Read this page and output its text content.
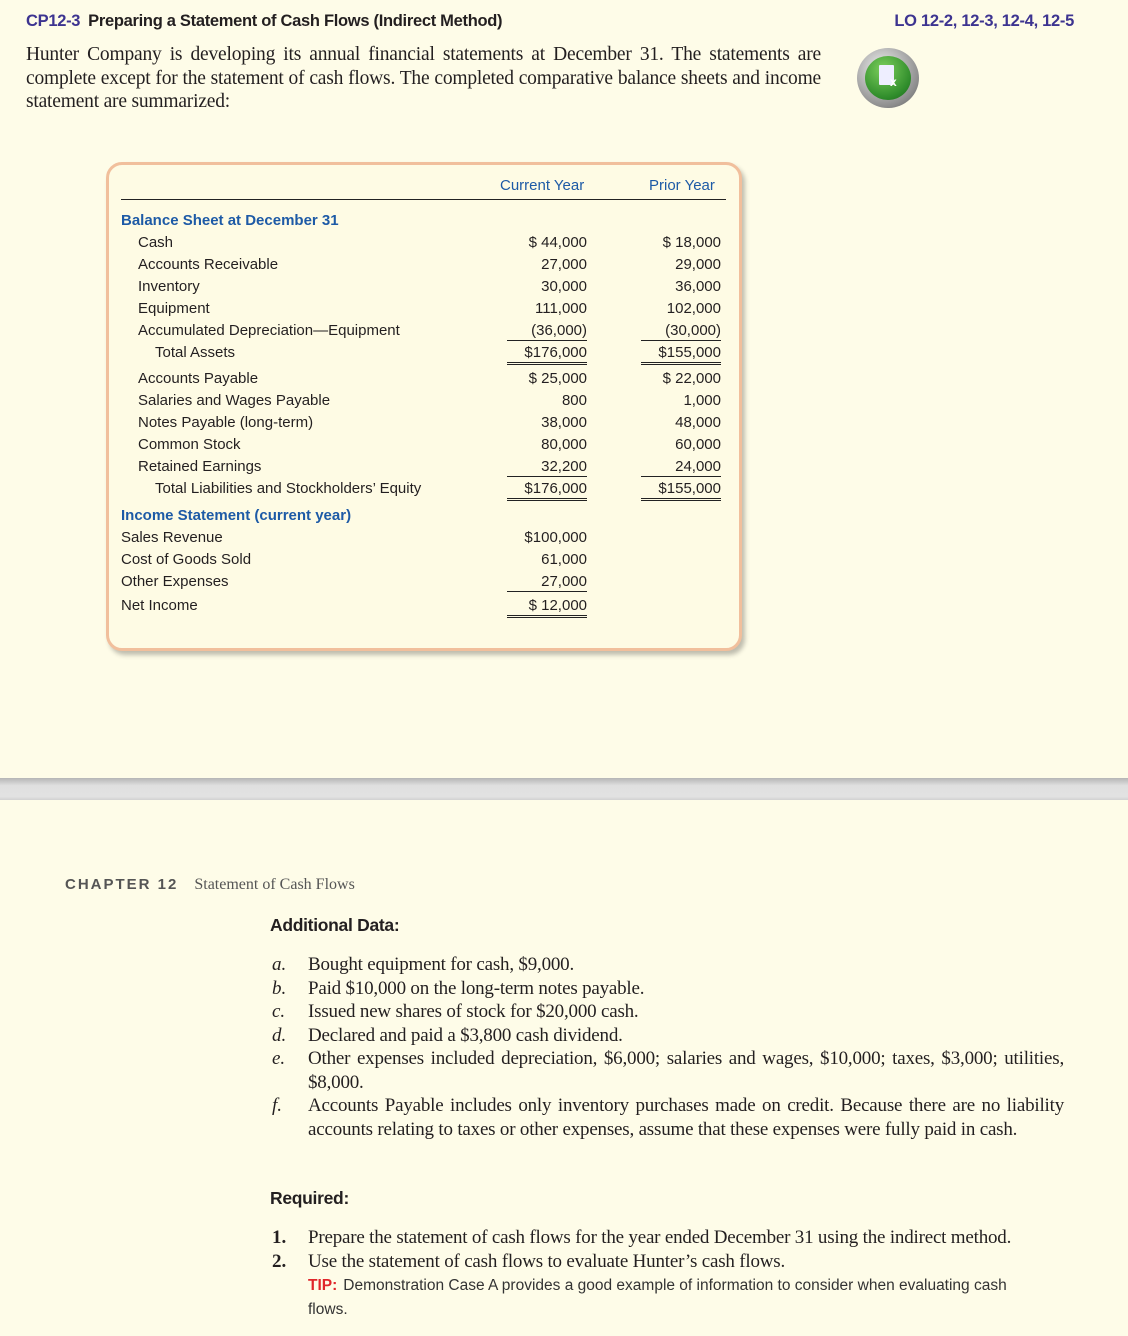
CP12-3 Preparing a Statement of Cash Flows (Indirect Method)	LO 12-2, 12-3, 12-4, 12-5
Hunter Company is developing its annual financial statements at December 31. The statements are complete except for the statement of cash flows. The completed comparative balance sheets and income statement are summarized:
x
Current Year	Prior Year
Balance Sheet at December 31
Cash	$ 44,000	$ 18,000
Accounts Receivable	27,000	29,000
Inventory	30,000	36,000
Equipment	111,000	102,000
Accumulated Depreciation—Equipment	(36,000)	(30,000)
Total Assets	$176,000	$155,000
Accounts Payable	$ 25,000	$ 22,000
Salaries and Wages Payable	800	1,000
Notes Payable (long-term)	38,000	48,000
Common Stock	80,000	60,000
Retained Earnings	32,200	24,000
Total Liabilities and Stockholders’ Equity	$176,000	$155,000
Income Statement (current year)
Sales Revenue	$100,000
Cost of Goods Sold	61,000
Other Expenses	27,000
Net Income	$ 12,000
CHAPTER 12 Statement of Cash Flows
Additional Data:
a. Bought equipment for cash, $9,000.
b. Paid $10,000 on the long-term notes payable.
c. Issued new shares of stock for $20,000 cash.
d. Declared and paid a $3,800 cash dividend.
e. Other expenses included depreciation, $6,000; salaries and wages, $10,000; taxes, $3,000; utilities, $8,000.
f. Accounts Payable includes only inventory purchases made on credit. Because there are no liability accounts relating to taxes or other expenses, assume that these expenses were fully paid in cash.
Required:
1. Prepare the statement of cash flows for the year ended December 31 using the indirect method.
2. Use the statement of cash flows to evaluate Hunter’s cash flows.
TIP: Demonstration Case A provides a good example of information to consider when evaluating cash flows.
